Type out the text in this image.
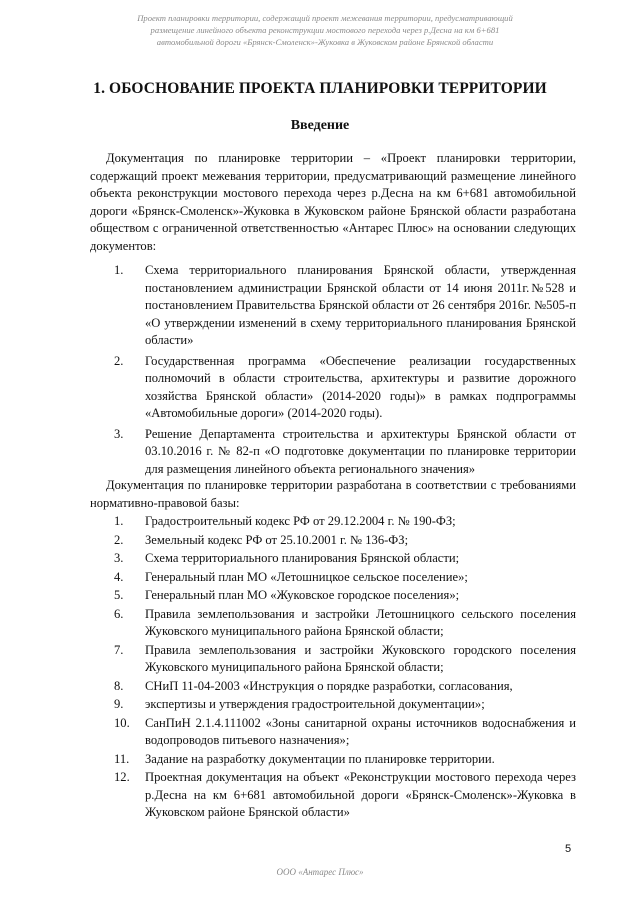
Проект планировки территории, содержащий проект межевания территории, предусматривающий
размещение линейного объекта реконструкции мостового перехода через р.Десна на км 6+681
автомобильной дороги «Брянск-Смоленск»-Жуковка в Жуковском районе Брянской области
1. ОБОСНОВАНИЕ ПРОЕКТА ПЛАНИРОВКИ ТЕРРИТОРИИ
Введение

Документация по планировке территории – «Проект планировки территории, содержащий проект межевания территории, предусматривающий размещение линейного объекта реконструкции мостового перехода через р.Десна на км 6+681 автомобильной дороги «Брянск-Смоленск»-Жуковка в Жуковском районе Брянской области разработана обществом с ограниченной ответственностью «Антарес Плюс» на основании следующих документов:

1. Схема территориального планирования Брянской области, утвержденная постановлением администрации Брянской области от 14 июня 2011г.№528 и постановлением Правительства Брянской области от 26 сентября 2016г. №505-п «О утверждении изменений в схему территориального планирования Брянской области»
2. Государственная программа «Обеспечение реализации государственных полномочий в области строительства, архитектуры и развитие дорожного хозяйства Брянской области» (2014-2020 годы)» в рамках подпрограммы «Автомобильные дороги» (2014-2020 годы).
3. Решение Департамента строительства и архитектуры Брянской области от 03.10.2016 г. № 82-п «О подготовке документации по планировке территории для размещения линейного объекта регионального значения»

Документация по планировке территории разработана в соответствии с требованиями нормативно-правовой базы:

1. Градостроительный кодекс РФ от 29.12.2004 г. № 190-ФЗ;
2. Земельный кодекс РФ от 25.10.2001 г. № 136-ФЗ;
3. Схема территориального планирования Брянской области;
4. Генеральный план МО «Летошницкое сельское поселение»;
5. Генеральный план МО «Жуковское городское поселения»;
6. Правила землепользования и застройки Летошницкого сельского поселения Жуковского муниципального района Брянской области;
7. Правила землепользования и застройки Жуковского городского поселения Жуковского муниципального района Брянской области;
8. СНиП 11-04-2003 «Инструкция о порядке разработки, согласования,
9. экспертизы и утверждения градостроительной документации»;
10. СанПиН 2.1.4.111002 «Зоны санитарной охраны источников водоснабжения и водопроводов питьевого назначения»;
11. Задание на разработку документации по планировке территории.
12. Проектная документация на объект «Реконструкции мостового перехода через р.Десна на км 6+681 автомобильной дороги «Брянск-Смоленск»-Жуковка в Жуковском районе Брянской области»
5
ООО «Антарес Плюс»
